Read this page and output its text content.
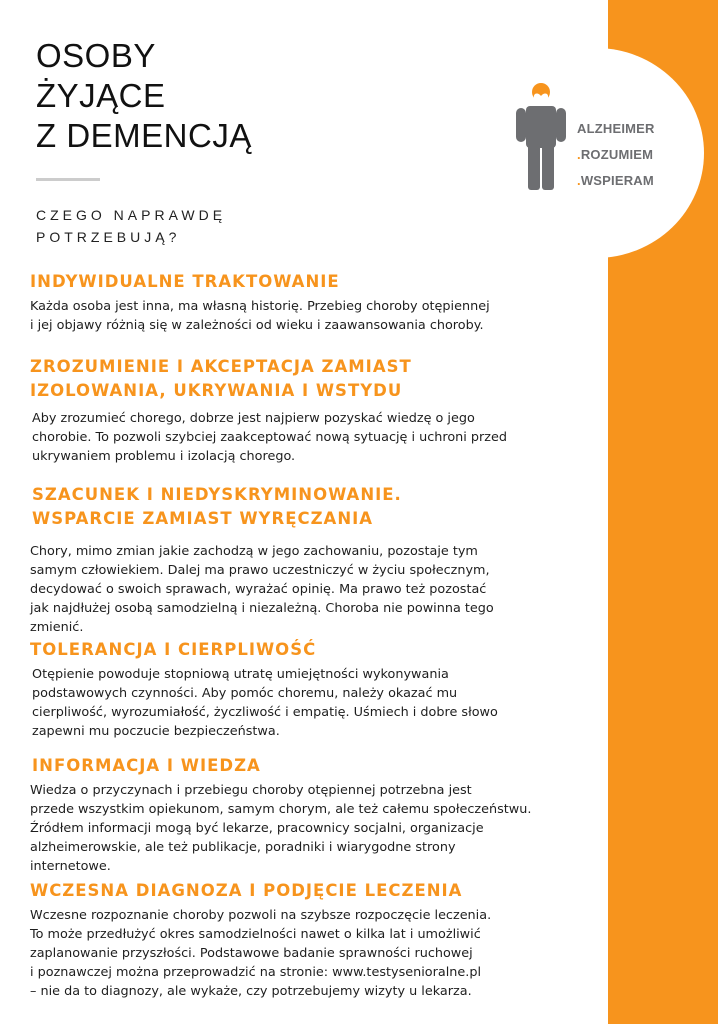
ALZHEIMER
.ROZUMIEM
.WSPIERAM
OSOBY
ŻYJĄCE
Z DEMENCJĄ
CZEGO NAPRAWDĘ
POTRZEBUJĄ?
INDYWIDUALNE TRAKTOWANIE

Każda osoba jest inna, ma własną historię. Przebieg choroby otępiennej
i jej objawy różnią się w zależności od wieku i zaawansowania choroby.

ZROZUMIENIE I AKCEPTACJA ZAMIAST
IZOLOWANIA, UKRYWANIA I WSTYDU

Aby zrozumieć chorego, dobrze jest najpierw pozyskać wiedzę o jego
chorobie. To pozwoli szybciej zaakceptować nową sytuację i uchroni przed
ukrywaniem problemu i izolacją chorego.

SZACUNEK I NIEDYSKRYMINOWANIE.
WSPARCIE ZAMIAST WYRĘCZANIA

Chory, mimo zmian jakie zachodzą w jego zachowaniu, pozostaje tym
samym człowiekiem. Dalej ma prawo uczestniczyć w życiu społecznym,
decydować o swoich sprawach, wyrażać opinię. Ma prawo też pozostać
jak najdłużej osobą samodzielną i niezależną. Choroba nie powinna tego
zmienić.

TOLERANCJA I CIERPLIWOŚĆ

Otępienie powoduje stopniową utratę umiejętności wykonywania
podstawowych czynności. Aby pomóc choremu, należy okazać mu
cierpliwość, wyrozumiałość, życzliwość i empatię. Uśmiech i dobre słowo
zapewni mu poczucie bezpieczeństwa.

INFORMACJA I WIEDZA

Wiedza o przyczynach i przebiegu choroby otępiennej potrzebna jest
przede wszystkim opiekunom, samym chorym, ale też całemu społeczeństwu.
Źródłem informacji mogą być lekarze, pracownicy socjalni, organizacje
alzheimerowskie, ale też publikacje, poradniki i wiarygodne strony
internetowe.

WCZESNA DIAGNOZA I PODJĘCIE LECZENIA

Wczesne rozpoznanie choroby pozwoli na szybsze rozpoczęcie leczenia.
To może przedłużyć okres samodzielności nawet o kilka lat i umożliwić
zaplanowanie przyszłości. Podstawowe badanie sprawności ruchowej
i poznawczej można przeprowadzić na stronie: www.testysenioralne.pl
– nie da to diagnozy, ale wykaże, czy potrzebujemy wizyty u lekarza.
